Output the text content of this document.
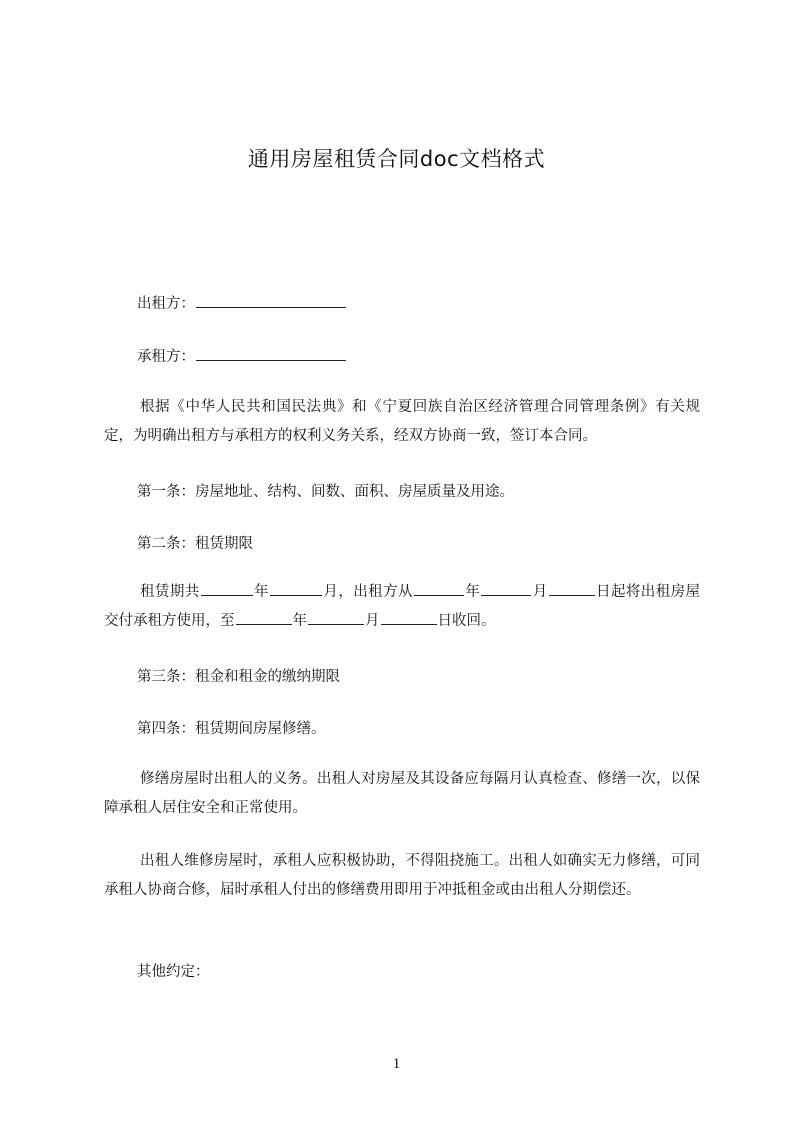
通用房屋租赁合同doc文档格式
出租方：
承租方：
根据《中华人民共和国民法典》和《宁夏回族自治区经济管理合同管理条例》有关规定，为明确出租方与承租方的权利义务关系，经双方协商一致，签订本合同。
第一条：房屋地址、结构、间数、面积、房屋质量及用途。
第二条：租赁期限
租赁期共	年	月，出租方从	年	月	日起将出租房屋交付承租方使用，至	年	月	日收回。
第三条：租金和租金的缴纳期限
第四条：租赁期间房屋修缮。
修缮房屋时出租人的义务。出租人对房屋及其设备应每隔月认真检查、修缮一次，以保障承租人居住安全和正常使用。
出租人维修房屋时，承租人应积极协助，不得阻挠施工。出租人如确实无力修缮，可同承租人协商合修，届时承租人付出的修缮费用即用于冲抵租金或由出租人分期偿还。
其他约定：
1
